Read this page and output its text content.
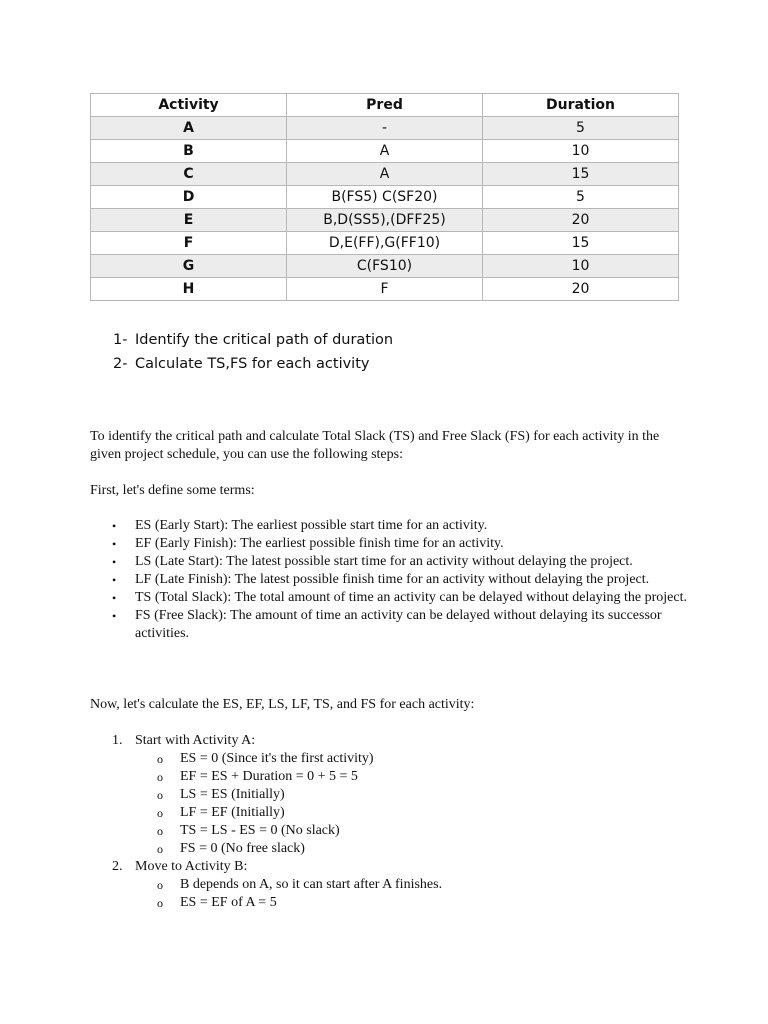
Activity	Pred	Duration
A	-	5
B	A	10
C	A	15
D	B(FS5) C(SF20)	5
E	B,D(SS5),(DFF25)	20
F	D,E(FF),G(FF10)	15
G	C(FS10)	10
H	F	20
1- Identify the critical path of duration
2- Calculate TS,FS for each activity

To identify the critical path and calculate Total Slack (TS) and Free Slack (FS) for each activity in the given project schedule, you can use the following steps:

First, let's define some terms:

•	ES (Early Start): The earliest possible start time for an activity.
•	EF (Early Finish): The earliest possible finish time for an activity.
•	LS (Late Start): The latest possible start time for an activity without delaying the project.
•	LF (Late Finish): The latest possible finish time for an activity without delaying the project.
•	TS (Total Slack): The total amount of time an activity can be delayed without delaying the project.
•	FS (Free Slack): The amount of time an activity can be delayed without delaying its successor activities.

Now, let's calculate the ES, EF, LS, LF, TS, and FS for each activity:

1. Start with Activity A:
o	ES = 0 (Since it's the first activity)
o	EF = ES + Duration = 0 + 5 = 5
o	LS = ES (Initially)
o	LF = EF (Initially)
o	TS = LS - ES = 0 (No slack)
o	FS = 0 (No free slack)
2. Move to Activity B:
o	B depends on A, so it can start after A finishes.
o	ES = EF of A = 5
